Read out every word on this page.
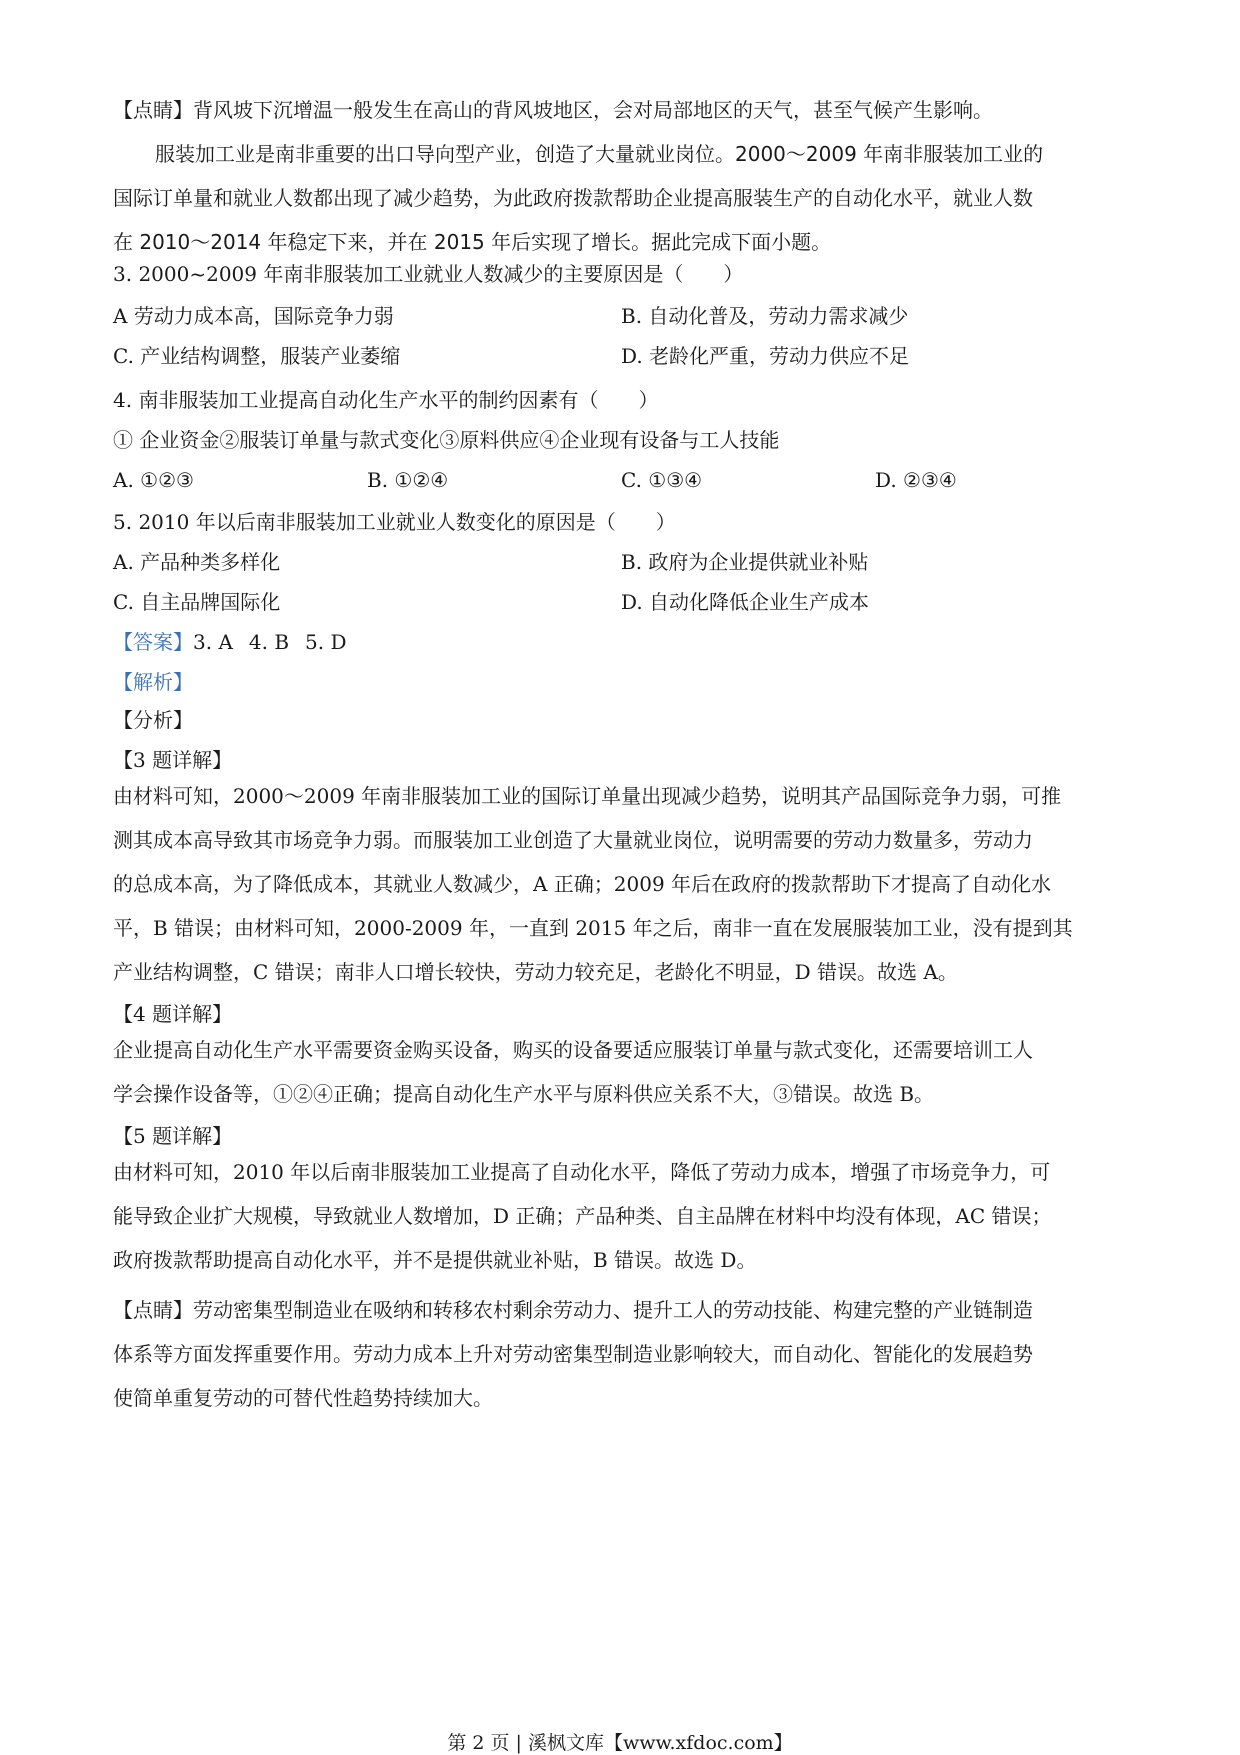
【点睛】背风坡下沉增温一般发生在高山的背风坡地区，会对局部地区的天气，甚至气候产生影响。

服装加工业是南非重要的出口导向型产业，创造了大量就业岗位。2000～2009 年南非服装加工业的

国际订单量和就业人数都出现了减少趋势，为此政府拨款帮助企业提高服装生产的自动化水平，就业人数

在 2010～2014 年稳定下来，并在 2015 年后实现了增长。据此完成下面小题。

3. 2000~2009 年南非服装加工业就业人数减少的主要原因是（　　）

A 劳动力成本高，国际竞争力弱	B. 自动化普及，劳动力需求减少

C. 产业结构调整，服装产业萎缩	D. 老龄化严重，劳动力供应不足

4. 南非服装加工业提高自动化生产水平的制约因素有（　　）

① 企业资金②服装订单量与款式变化③原料供应④企业现有设备与工人技能

A. ①②③	B. ①②④	C. ①③④	D. ②③④

5. 2010 年以后南非服装加工业就业人数变化的原因是（　　）

A. 产品种类多样化	B. 政府为企业提供就业补贴

C. 自主品牌国际化	D. 自动化降低企业生产成本

【答案】3. A 4. B 5. D

【解析】

【分析】

【3 题详解】

由材料可知，2000～2009 年南非服装加工业的国际订单量出现减少趋势，说明其产品国际竞争力弱，可推

测其成本高导致其市场竞争力弱。而服装加工业创造了大量就业岗位，说明需要的劳动力数量多，劳动力

的总成本高，为了降低成本，其就业人数减少，A 正确；2009 年后在政府的拨款帮助下才提高了自动化水

平，B 错误；由材料可知，2000-2009 年，一直到 2015 年之后，南非一直在发展服装加工业，没有提到其

产业结构调整，C 错误；南非人口增长较快，劳动力较充足，老龄化不明显，D 错误。故选 A。

【4 题详解】

企业提高自动化生产水平需要资金购买设备，购买的设备要适应服装订单量与款式变化，还需要培训工人

学会操作设备等，①②④正确；提高自动化生产水平与原料供应关系不大，③错误。故选 B。

【5 题详解】

由材料可知，2010 年以后南非服装加工业提高了自动化水平，降低了劳动力成本，增强了市场竞争力，可

能导致企业扩大规模，导致就业人数增加，D 正确；产品种类、自主品牌在材料中均没有体现，AC 错误；

政府拨款帮助提高自动化水平，并不是提供就业补贴，B 错误。故选 D。

【点睛】劳动密集型制造业在吸纳和转移农村剩余劳动力、提升工人的劳动技能、构建完整的产业链制造

体系等方面发挥重要作用。劳动力成本上升对劳动密集型制造业影响较大，而自动化、智能化的发展趋势

使简单重复劳动的可替代性趋势持续加大。

第 2 页 | 溪枫文库【www.xfdoc.com】
